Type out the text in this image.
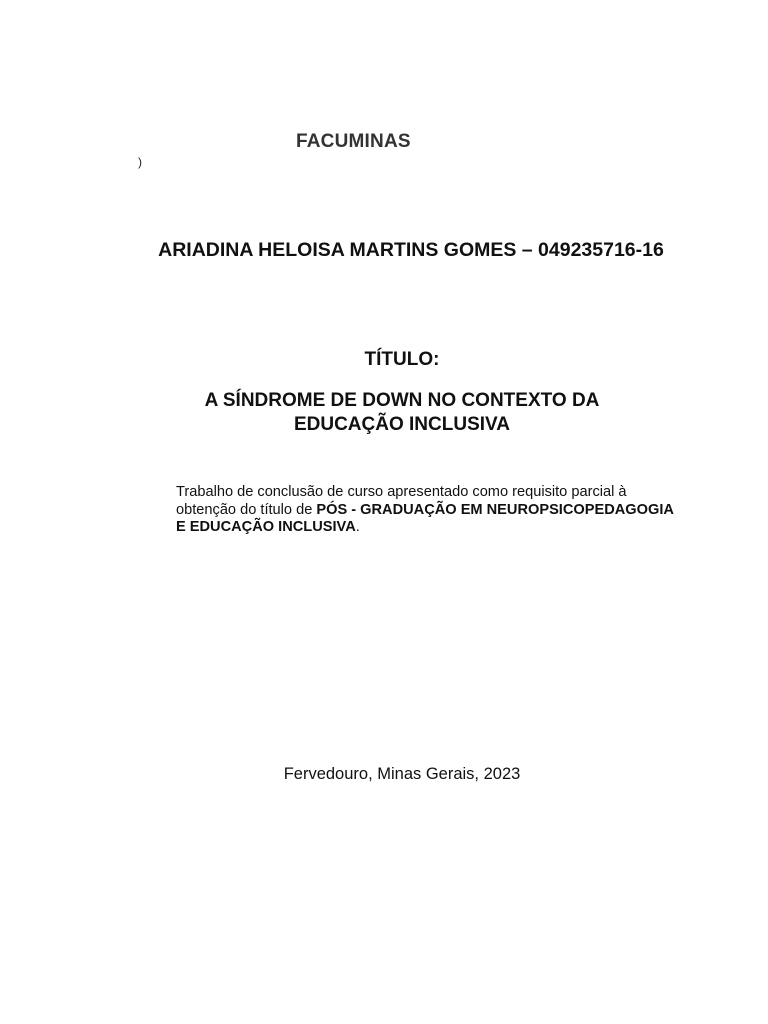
FACUMINAS
)
ARIADINA HELOISA MARTINS GOMES – 049235716-16
TÍTULO:
A SÍNDROME DE DOWN NO CONTEXTO DA
EDUCAÇÃO INCLUSIVA
Trabalho de conclusão de curso apresentado como requisito parcial à obtenção do título de PÓS - GRADUAÇÃO EM NEUROPSICOPEDAGOGIA E EDUCAÇÃO INCLUSIVA.
Fervedouro, Minas Gerais, 2023
